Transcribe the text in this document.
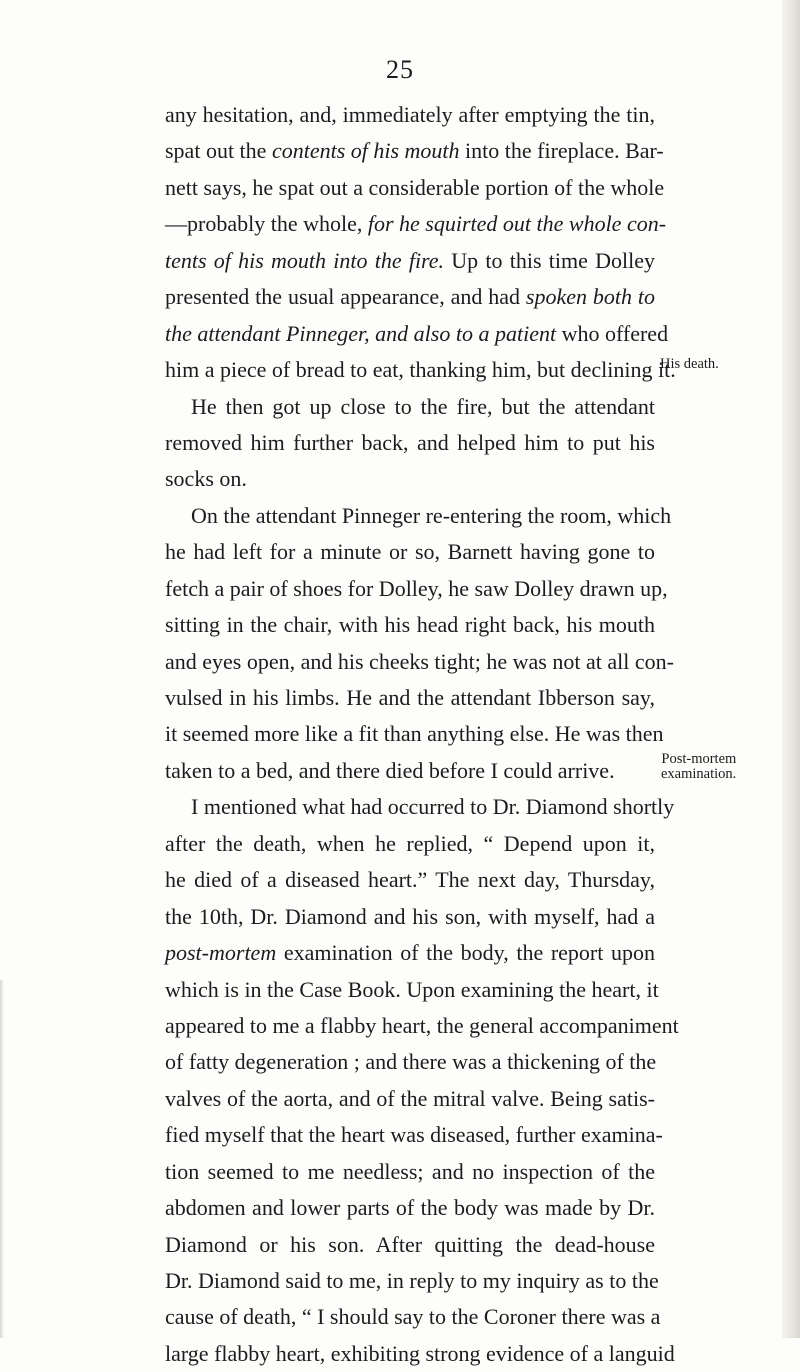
25
any hesitation, and, immediately after emptying the tin,
spat out the contents of his mouth into the fireplace. Bar-
nett says, he spat out a considerable portion of the whole
—probably the whole, for he squirted out the whole con-
tents of his mouth into the fire. Up to this time Dolley
presented the usual appearance, and had spoken both to
the attendant Pinneger, and also to a patient who offered
him a piece of bread to eat, thanking him, but declining it.
He then got up close to the fire, but the attendant
removed him further back, and helped him to put his
socks on.
On the attendant Pinneger re-entering the room, which
he had left for a minute or so, Barnett having gone to
fetch a pair of shoes for Dolley, he saw Dolley drawn up,
sitting in the chair, with his head right back, his mouth
and eyes open, and his cheeks tight; he was not at all con-
vulsed in his limbs. He and the attendant Ibberson say,
it seemed more like a fit than anything else. He was then
taken to a bed, and there died before I could arrive.
I mentioned what had occurred to Dr. Diamond shortly
after the death, when he replied, “ Depend upon it,
he died of a diseased heart.” The next day, Thursday,
the 10th, Dr. Diamond and his son, with myself, had a
post-mortem examination of the body, the report upon
which is in the Case Book. Upon examining the heart, it
appeared to me a flabby heart, the general accompaniment
of fatty degeneration ; and there was a thickening of the
valves of the aorta, and of the mitral valve. Being satis-
fied myself that the heart was diseased, further examina-
tion seemed to me needless; and no inspection of the
abdomen and lower parts of the body was made by Dr.
Diamond or his son. After quitting the dead-house
Dr. Diamond said to me, in reply to my inquiry as to the
cause of death, “ I should say to the Coroner there was a
large flabby heart, exhibiting strong evidence of a languid
His death.
Post-mortem
examination.
